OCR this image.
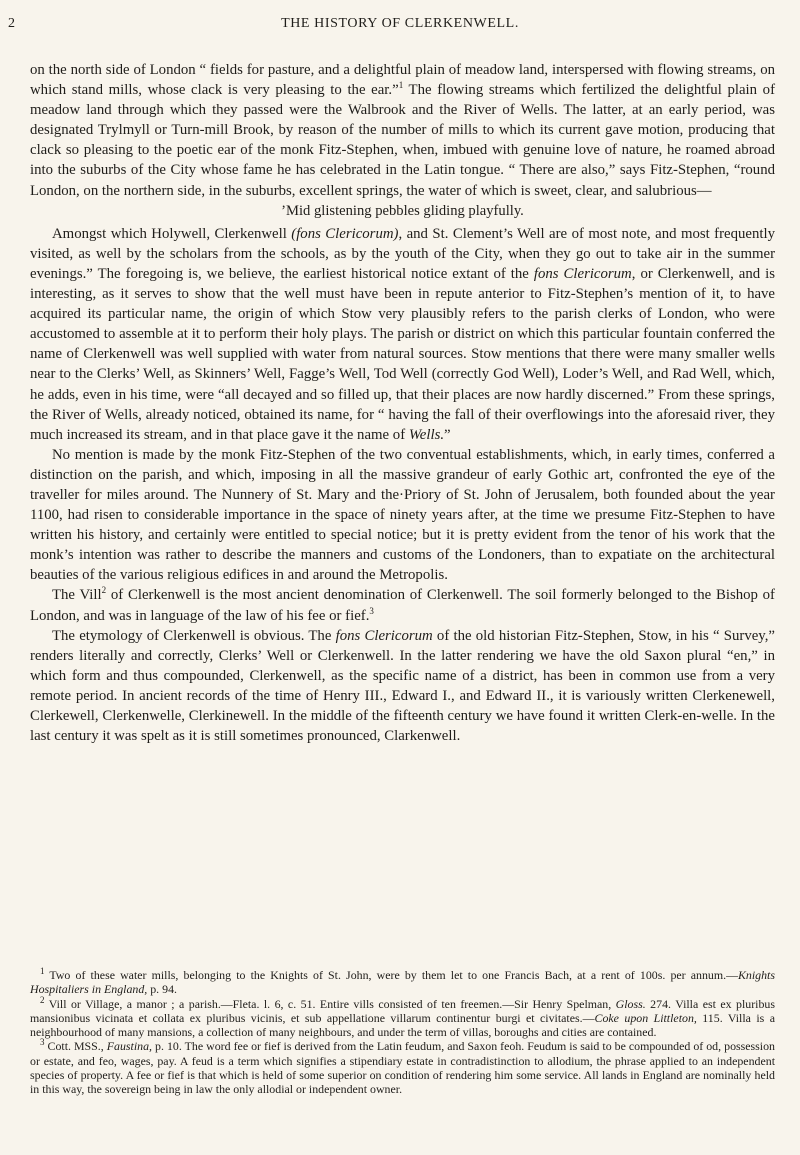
2	THE HISTORY OF CLERKENWELL.

on the north side of London “ fields for pasture, and a delightful plain of meadow land, interspersed with flowing streams, on which stand mills, whose clack is very pleasing to the ear.”$^1$ The flowing streams which fertilized the delightful plain of meadow land through which they passed were the Walbrook and the River of Wells. The latter, at an early period, was designated Trylmyll or Turn-mill Brook, by reason of the number of mills to which its current gave motion, producing that clack so pleasing to the poetic ear of the monk Fitz-Stephen, when, imbued with genuine love of nature, he roamed abroad into the suburbs of the City whose fame he has celebrated in the Latin tongue. “ There are also,” says Fitz-Stephen, “round London, on the northern side, in the suburbs, excellent springs, the water of which is sweet, clear, and salubrious—

’Mid glistening pebbles gliding playfully.

Amongst which Holywell, Clerkenwell (fons Clericorum), and St. Clement’s Well are of most note, and most frequently visited, as well by the scholars from the schools, as by the youth of the City, when they go out to take air in the summer evenings.” The foregoing is, we believe, the earliest historical notice extant of the fons Clericorum, or Clerkenwell, and is interesting, as it serves to show that the well must have been in repute anterior to Fitz-Stephen’s mention of it, to have acquired its particular name, the origin of which Stow very plausibly refers to the parish clerks of London, who were accustomed to assemble at it to perform their holy plays. The parish or district on which this particular fountain conferred the name of Clerkenwell was well supplied with water from natural sources. Stow mentions that there were many smaller wells near to the Clerks’ Well, as Skinners’ Well, Fagge’s Well, Tod Well (correctly God Well), Loder’s Well, and Rad Well, which, he adds, even in his time, were “all decayed and so filled up, that their places are now hardly discerned.” From these springs, the River of Wells, already noticed, obtained its name, for “ having the fall of their overflowings into the aforesaid river, they much increased its stream, and in that place gave it the name of Wells.”

No mention is made by the monk Fitz-Stephen of the two conventual establishments, which, in early times, conferred a distinction on the parish, and which, imposing in all the massive grandeur of early Gothic art, confronted the eye of the traveller for miles around. The Nunnery of St. Mary and the·Priory of St. John of Jerusalem, both founded about the year 1100, had risen to considerable importance in the space of ninety years after, at the time we presume Fitz-Stephen to have written his history, and certainly were entitled to special notice; but it is pretty evident from the tenor of his work that the monk’s intention was rather to describe the manners and customs of the Londoners, than to expatiate on the architectural beauties of the various religious edifices in and around the Metropolis.

The Vill$^2$ of Clerkenwell is the most ancient denomination of Clerkenwell. The soil formerly belonged to the Bishop of London, and was in language of the law of his fee or fief.$^3$

The etymology of Clerkenwell is obvious. The fons Clericorum of the old historian Fitz-Stephen, Stow, in his “ Survey,” renders literally and correctly, Clerks’ Well or Clerkenwell. In the latter rendering we have the old Saxon plural “en,” in which form and thus compounded, Clerkenwell, as the specific name of a district, has been in common use from a very remote period. In ancient records of the time of Henry III., Edward I., and Edward II., it is variously written Clerkenewell, Clerkewell, Clerkenwelle, Clerkinewell. In the middle of the fifteenth century we have found it written Clerk-en-welle. In the last century it was spelt as it is still sometimes pronounced, Clarkenwell.

$^1$ Two of these water mills, belonging to the Knights of St. John, were by them let to one Francis Bach, at a rent of 100s. per annum.—Knights Hospitaliers in England, p. 94.

$^2$ Vill or Village, a manor ; a parish.—Fleta. l. 6, c. 51. Entire vills consisted of ten freemen.—Sir Henry Spelman, Gloss. 274. Villa est ex pluribus mansionibus vicinata et collata ex pluribus vicinis, et sub appellatione villarum continentur burgi et civitates.—Coke upon Littleton, 115. Villa is a neighbourhood of many mansions, a collection of many neighbours, and under the term of villas, boroughs and cities are contained.

$^3$ Cott. MSS., Faustina, p. 10. The word fee or fief is derived from the Latin feudum, and Saxon feoh. Feudum is said to be compounded of od, possession or estate, and feo, wages, pay. A feud is a term which signifies a stipendiary estate in contradistinction to allodium, the phrase applied to an independent species of property. A fee or fief is that which is held of some superior on condition of rendering him some service. All lands in England are nominally held in this way, the sovereign being in law the only allodial or independent owner.
